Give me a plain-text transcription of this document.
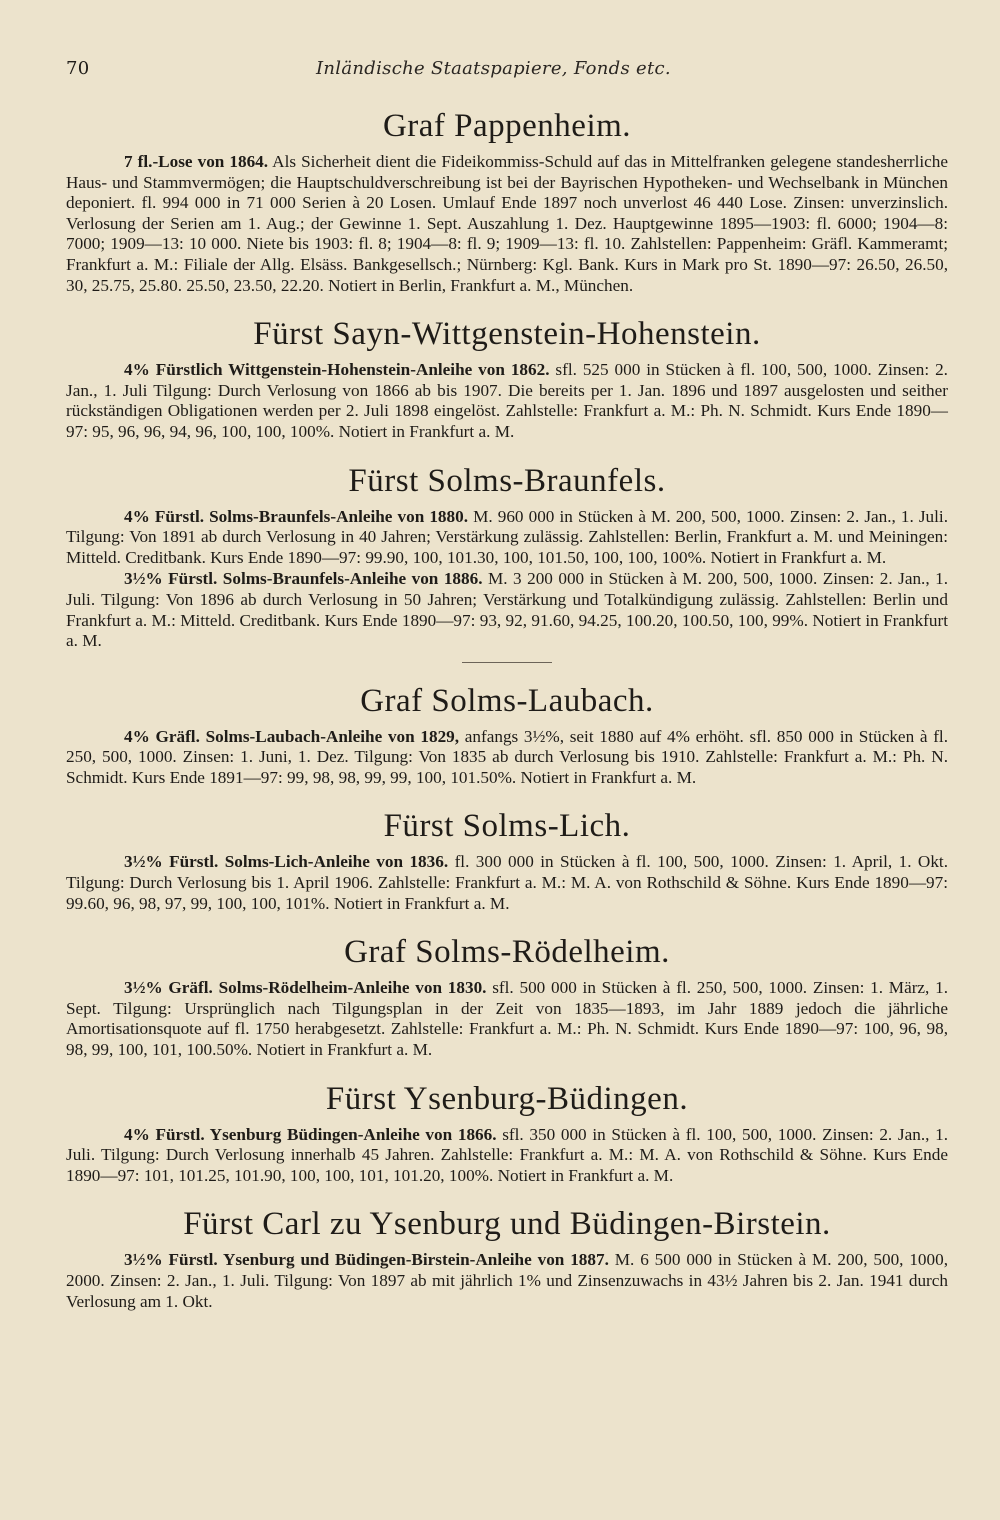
70	Inländische Staatspapiere, Fonds etc.
Graf Pappenheim.

7 fl.-Lose von 1864. Als Sicherheit dient die Fideikommiss-Schuld auf das in Mittelfranken gelegene standesherrliche Haus- und Stammvermögen; die Hauptschuldverschreibung ist bei der Bayrischen Hypotheken- und Wechselbank in München deponiert. fl. 994 000 in 71 000 Serien à 20 Losen. Umlauf Ende 1897 noch unverlost 46 440 Lose. Zinsen: unverzinslich. Verlosung der Serien am 1. Aug.; der Gewinne 1. Sept. Auszahlung 1. Dez. Hauptgewinne 1895—1903: fl. 6000; 1904—8: 7000; 1909—13: 10 000. Niete bis 1903: fl. 8; 1904—8: fl. 9; 1909—13: fl. 10. Zahlstellen: Pappenheim: Gräfl. Kammeramt; Frankfurt a. M.: Filiale der Allg. Elsäss. Bankgesellsch.; Nürnberg: Kgl. Bank. Kurs in Mark pro St. 1890—97: 26.50, 26.50, 30, 25.75, 25.80. 25.50, 23.50, 22.20. Notiert in Berlin, Frankfurt a. M., München.

Fürst Sayn-Wittgenstein-Hohenstein.

4% Fürstlich Wittgenstein-Hohenstein-Anleihe von 1862. sfl. 525 000 in Stücken à fl. 100, 500, 1000. Zinsen: 2. Jan., 1. Juli Tilgung: Durch Verlosung von 1866 ab bis 1907. Die bereits per 1. Jan. 1896 und 1897 ausgelosten und seither rückständigen Obligationen werden per 2. Juli 1898 eingelöst. Zahlstelle: Frankfurt a. M.: Ph. N. Schmidt. Kurs Ende 1890—97: 95, 96, 96, 94, 96, 100, 100, 100%. Notiert in Frankfurt a. M.

Fürst Solms-Braunfels.

4% Fürstl. Solms-Braunfels-Anleihe von 1880. M. 960 000 in Stücken à M. 200, 500, 1000. Zinsen: 2. Jan., 1. Juli. Tilgung: Von 1891 ab durch Verlosung in 40 Jahren; Verstärkung zulässig. Zahlstellen: Berlin, Frankfurt a. M. und Meiningen: Mitteld. Creditbank. Kurs Ende 1890—97: 99.90, 100, 101.30, 100, 101.50, 100, 100, 100%. Notiert in Frankfurt a. M.

3½% Fürstl. Solms-Braunfels-Anleihe von 1886. M. 3 200 000 in Stücken à M. 200, 500, 1000. Zinsen: 2. Jan., 1. Juli. Tilgung: Von 1896 ab durch Verlosung in 50 Jahren; Verstärkung und Totalkündigung zulässig. Zahlstellen: Berlin und Frankfurt a. M.: Mitteld. Creditbank. Kurs Ende 1890—97: 93, 92, 91.60, 94.25, 100.20, 100.50, 100, 99%. Notiert in Frankfurt a. M.

Graf Solms-Laubach.

4% Gräfl. Solms-Laubach-Anleihe von 1829, anfangs 3½%, seit 1880 auf 4% erhöht. sfl. 850 000 in Stücken à fl. 250, 500, 1000. Zinsen: 1. Juni, 1. Dez. Tilgung: Von 1835 ab durch Verlosung bis 1910. Zahlstelle: Frankfurt a. M.: Ph. N. Schmidt. Kurs Ende 1891—97: 99, 98, 98, 99, 99, 100, 101.50%. Notiert in Frankfurt a. M.

Fürst Solms-Lich.

3½% Fürstl. Solms-Lich-Anleihe von 1836. fl. 300 000 in Stücken à fl. 100, 500, 1000. Zinsen: 1. April, 1. Okt. Tilgung: Durch Verlosung bis 1. April 1906. Zahlstelle: Frankfurt a. M.: M. A. von Rothschild & Söhne. Kurs Ende 1890—97: 99.60, 96, 98, 97, 99, 100, 100, 101%. Notiert in Frankfurt a. M.

Graf Solms-Rödelheim.

3½% Gräfl. Solms-Rödelheim-Anleihe von 1830. sfl. 500 000 in Stücken à fl. 250, 500, 1000. Zinsen: 1. März, 1. Sept. Tilgung: Ursprünglich nach Tilgungsplan in der Zeit von 1835—1893, im Jahr 1889 jedoch die jährliche Amortisationsquote auf fl. 1750 herabgesetzt. Zahlstelle: Frankfurt a. M.: Ph. N. Schmidt. Kurs Ende 1890—97: 100, 96, 98, 98, 99, 100, 101, 100.50%. Notiert in Frankfurt a. M.

Fürst Ysenburg-Büdingen.

4% Fürstl. Ysenburg Büdingen-Anleihe von 1866. sfl. 350 000 in Stücken à fl. 100, 500, 1000. Zinsen: 2. Jan., 1. Juli. Tilgung: Durch Verlosung innerhalb 45 Jahren. Zahlstelle: Frankfurt a. M.: M. A. von Rothschild & Söhne. Kurs Ende 1890—97: 101, 101.25, 101.90, 100, 100, 101, 101.20, 100%. Notiert in Frankfurt a. M.

Fürst Carl zu Ysenburg und Büdingen-Birstein.

3½% Fürstl. Ysenburg und Büdingen-Birstein-Anleihe von 1887. M. 6 500 000 in Stücken à M. 200, 500, 1000, 2000. Zinsen: 2. Jan., 1. Juli. Tilgung: Von 1897 ab mit jährlich 1% und Zinsenzuwachs in 43½ Jahren bis 2. Jan. 1941 durch Verlosung am 1. Okt.
